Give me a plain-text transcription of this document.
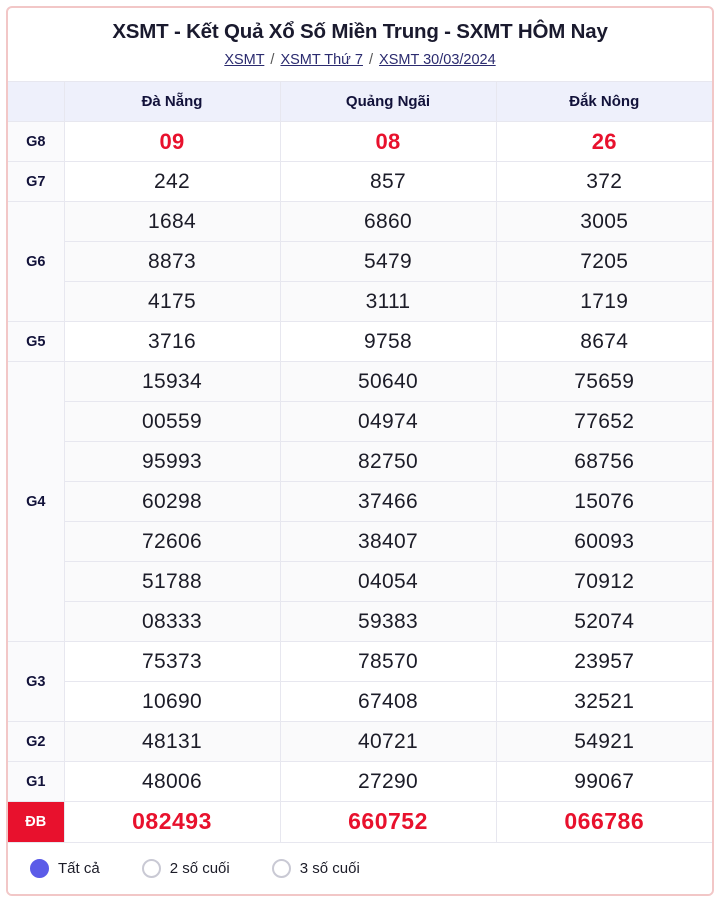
XSMT - Kết Quả Xổ Số Miền Trung - SXMT HÔM Nay
XSMT / XSMT Thứ 7 / XSMT 30/03/2024
	Đà Nẵng	Quảng Ngãi	Đắk Nông
G8	09	08	26
G7	242	857	372
G6	1684	6860	3005
	8873	5479	7205
	4175	3111	1719
G5	3716	9758	8674
G4	15934	50640	75659
	00559	04974	77652
	95993	82750	68756
	60298	37466	15076
	72606	38407	60093
	51788	04054	70912
	08333	59383	52074
G3	75373	78570	23957
	10690	67408	32521
G2	48131	40721	54921
G1	48006	27290	99067
ĐB	082493	660752	066786
Tất cả	2 số cuối	3 số cuối
